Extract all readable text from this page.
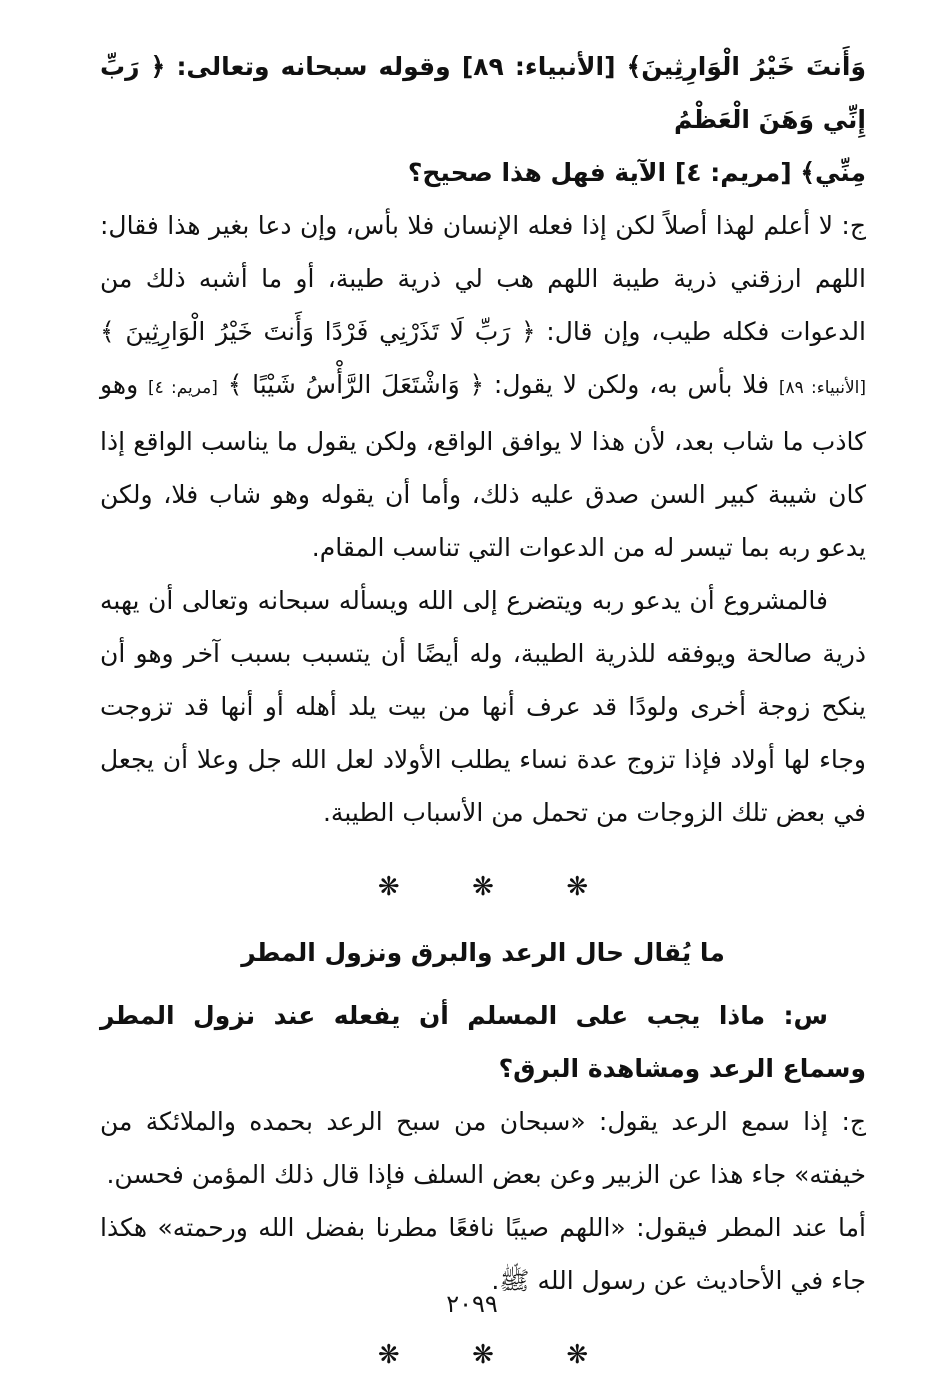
وَأَنتَ خَيْرُ الْوَارِثِينَ﴾ [الأنبياء: ٨٩] وقوله سبحانه وتعالى: ﴿ رَبِّ إِنِّي وَهَنَ الْعَظْمُ
مِنِّي﴾ [مريم: ٤] الآية فهل هذا صحيح؟

ج: لا أعلم لهذا أصلاً لكن إذا فعله الإنسان فلا بأس، وإن دعا بغير هذا فقال: اللهم ارزقني ذرية طيبة اللهم هب لي ذرية طيبة، أو ما أشبه ذلك من الدعوات فكله طيب، وإن قال: ﴿ رَبِّ لَا تَذَرْنِي فَرْدًا وَأَنتَ خَيْرُ الْوَارِثِينَ ﴾ [الأنبياء: ٨٩] فلا بأس به، ولكن لا يقول: ﴿ وَاشْتَعَلَ الرَّأْسُ شَيْبًا ﴾ [مريم: ٤] وهو كاذب ما شاب بعد، لأن هذا لا يوافق الواقع، ولكن يقول ما يناسب الواقع إذا كان شيبة كبير السن صدق عليه ذلك، وأما أن يقوله وهو شاب فلا، ولكن يدعو ربه بما تيسر له من الدعوات التي تناسب المقام.

فالمشروع أن يدعو ربه ويتضرع إلى الله ويسأله سبحانه وتعالى أن يهبه ذرية صالحة ويوفقه للذرية الطيبة، وله أيضًا أن يتسبب بسبب آخر وهو أن ينكح زوجة أخرى ولودًا قد عرف أنها من بيت يلد أهله أو أنها قد تزوجت وجاء لها أولاد فإذا تزوج عدة نساء يطلب الأولاد لعل الله جل وعلا أن يجعل في بعض تلك الزوجات من تحمل من الأسباب الطيبة.

❋	❋	❋
ما يُقال حال الرعد والبرق ونزول المطر

س: ماذا يجب على المسلم أن يفعله عند نزول المطر وسماع الرعد ومشاهدة البرق؟

ج: إذا سمع الرعد يقول: «سبحان من سبح الرعد بحمده والملائكة من خيفته» جاء هذا عن الزبير وعن بعض السلف فإذا قال ذلك المؤمن فحسن.

أما عند المطر فيقول: «اللهم صيبًا نافعًا مطرنا بفضل الله ورحمته» هكذا جاء في الأحاديث عن رسول الله ﷺ.

❋	❋	❋
٢٠٩٩
